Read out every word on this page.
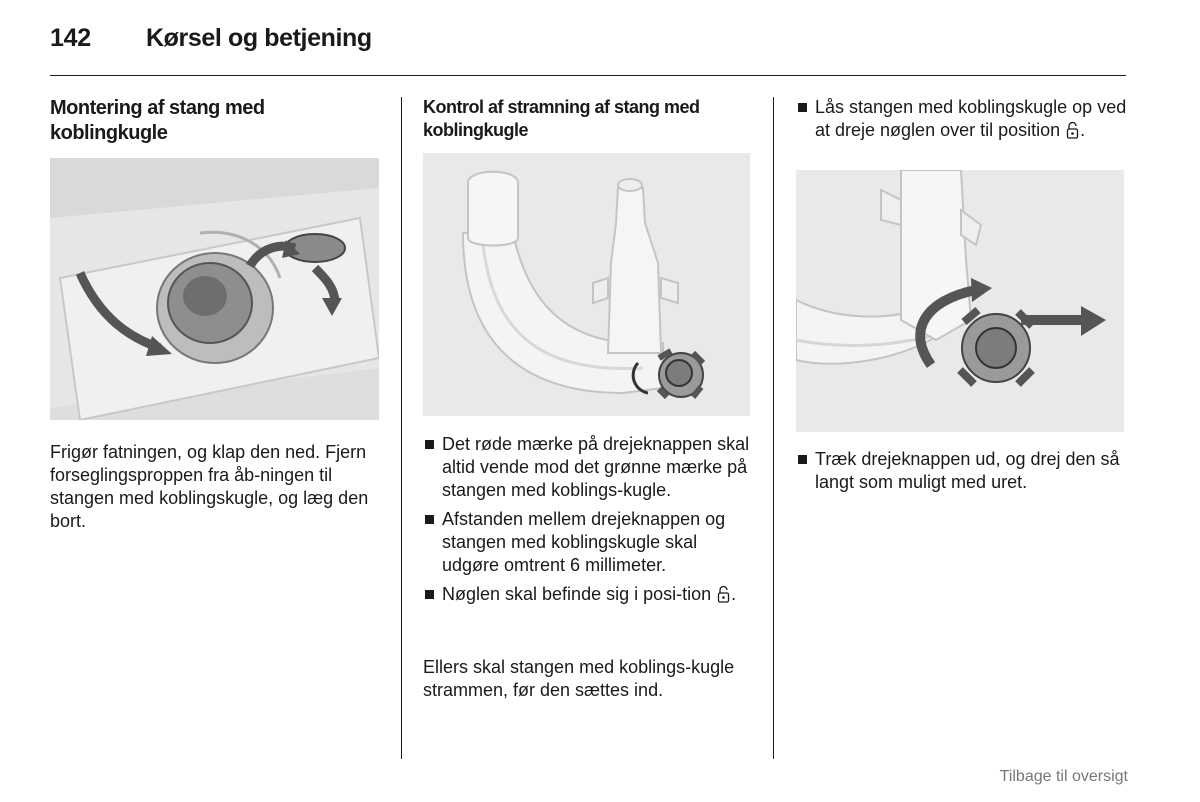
142 Kørsel og betjening
Montering af stang med koblingkugle

Frigør fatningen, og klap den ned. Fjern forseglingsproppen fra åb-ningen til stangen med koblingskugle, og læg den bort.

Kontrol af stramning af stang med koblingkugle
Det røde mærke på drejeknappen skal altid vende mod det grønne mærke på stangen med koblings-kugle.
Afstanden mellem drejeknappen og stangen med koblingskugle skal udgøre omtrent 6 millimeter.
Nøglen skal befinde sig i posi-tion .

Ellers skal stangen med koblings-kugle strammen, før den sættes ind.

Lås stangen med koblingskugle op ved at dreje nøglen over til position .
Træk drejeknappen ud, og drej den så langt som muligt med uret.
Tilbage til oversigt
